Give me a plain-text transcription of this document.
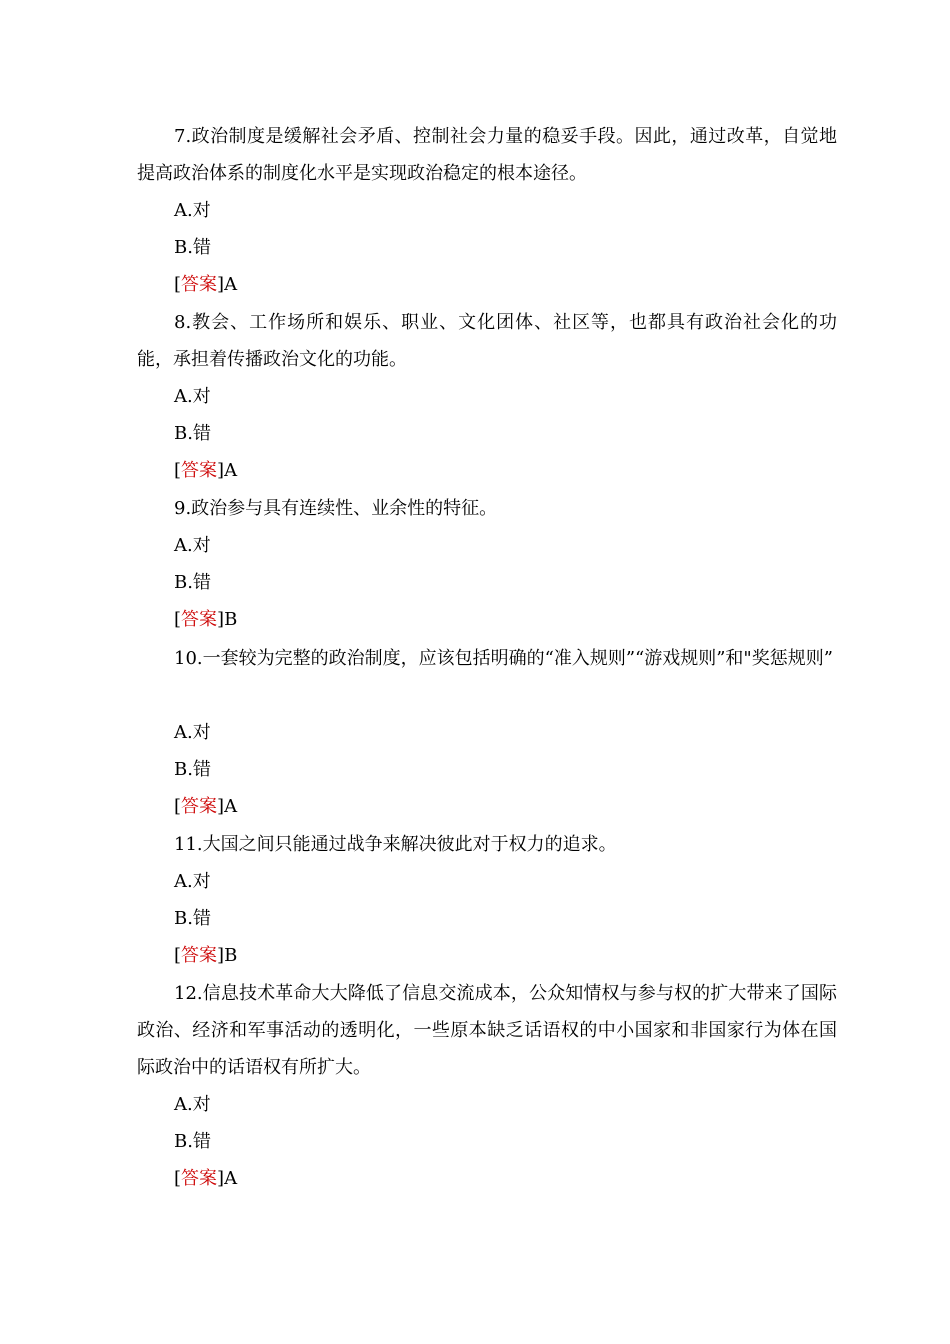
7.政治制度是缓解社会矛盾、控制社会力量的稳妥手段。因此，通过改革，自觉地提高政治体系的制度化水平是实现政治稳定的根本途径。
A.对
B.错
[答案]A
8.教会、工作场所和娱乐、职业、文化团体、社区等，也都具有政治社会化的功能，承担着传播政治文化的功能。
A.对
B.错
[答案]A
9.政治参与具有连续性、业余性的特征。
A.对
B.错
[答案]B
10.一套较为完整的政治制度，应该包括明确的“准入规则”“游戏规则”和"奖惩规则”
A.对
B.错
[答案]A
11.大国之间只能通过战争来解决彼此对于权力的追求。
A.对
B.错
[答案]B
12.信息技术革命大大降低了信息交流成本，公众知情权与参与权的扩大带来了国际政治、经济和军事活动的透明化，一些原本缺乏话语权的中小国家和非国家行为体在国际政治中的话语权有所扩大。
A.对
B.错
[答案]A
